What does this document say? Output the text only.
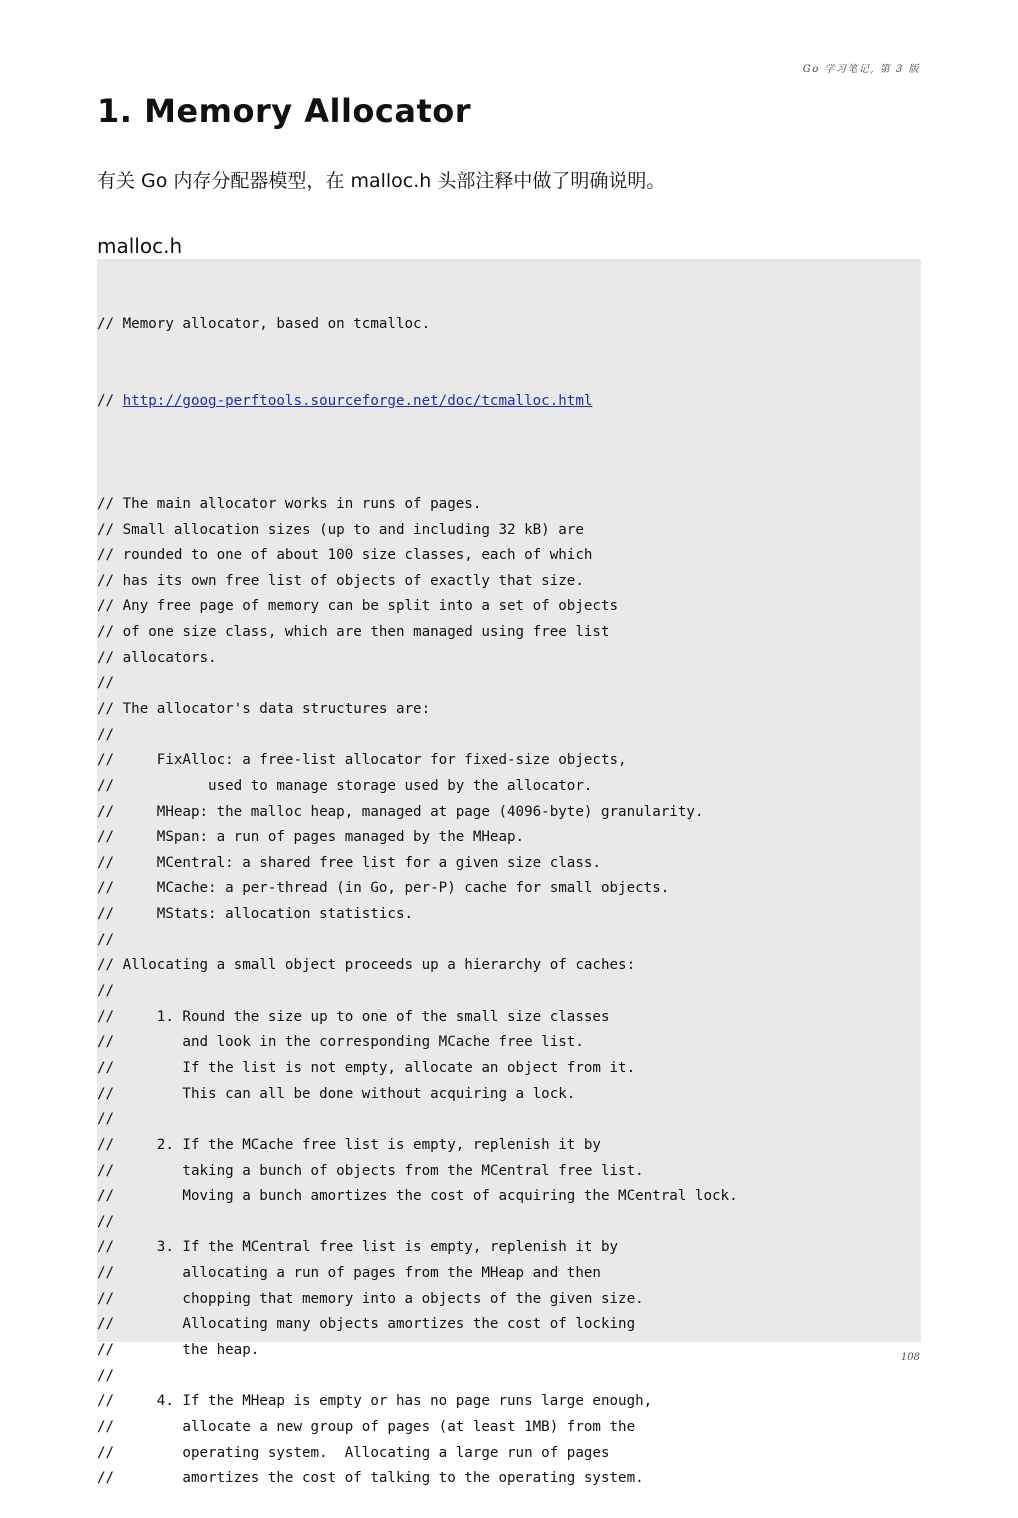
Go 学习笔记, 第 3 版
1. Memory Allocator

有关 Go 内存分配器模型，在 malloc.h 头部注释中做了明确说明。

malloc.h

// Memory allocator, based on tcmalloc.

// http://goog-perftools.sourceforge.net/doc/tcmalloc.html

// The main allocator works in runs of pages.
// Small allocation sizes (up to and including 32 kB) are
// rounded to one of about 100 size classes, each of which
// has its own free list of objects of exactly that size.
// Any free page of memory can be split into a set of objects
// of one size class, which are then managed using free list
// allocators.
//
// The allocator's data structures are:
//
//     FixAlloc: a free-list allocator for fixed-size objects,
//           used to manage storage used by the allocator.
//     MHeap: the malloc heap, managed at page (4096-byte) granularity.
//     MSpan: a run of pages managed by the MHeap.
//     MCentral: a shared free list for a given size class.
//     MCache: a per-thread (in Go, per-P) cache for small objects.
//     MStats: allocation statistics.
//
// Allocating a small object proceeds up a hierarchy of caches:
//
//     1. Round the size up to one of the small size classes
//        and look in the corresponding MCache free list.
//        If the list is not empty, allocate an object from it.
//        This can all be done without acquiring a lock.
//
//     2. If the MCache free list is empty, replenish it by
//        taking a bunch of objects from the MCentral free list.
//        Moving a bunch amortizes the cost of acquiring the MCentral lock.
//
//     3. If the MCentral free list is empty, replenish it by
//        allocating a run of pages from the MHeap and then
//        chopping that memory into a objects of the given size.
//        Allocating many objects amortizes the cost of locking
//        the heap.
//
//     4. If the MHeap is empty or has no page runs large enough,
//        allocate a new group of pages (at least 1MB) from the
//        operating system.  Allocating a large run of pages
//        amortizes the cost of talking to the operating system.

108
